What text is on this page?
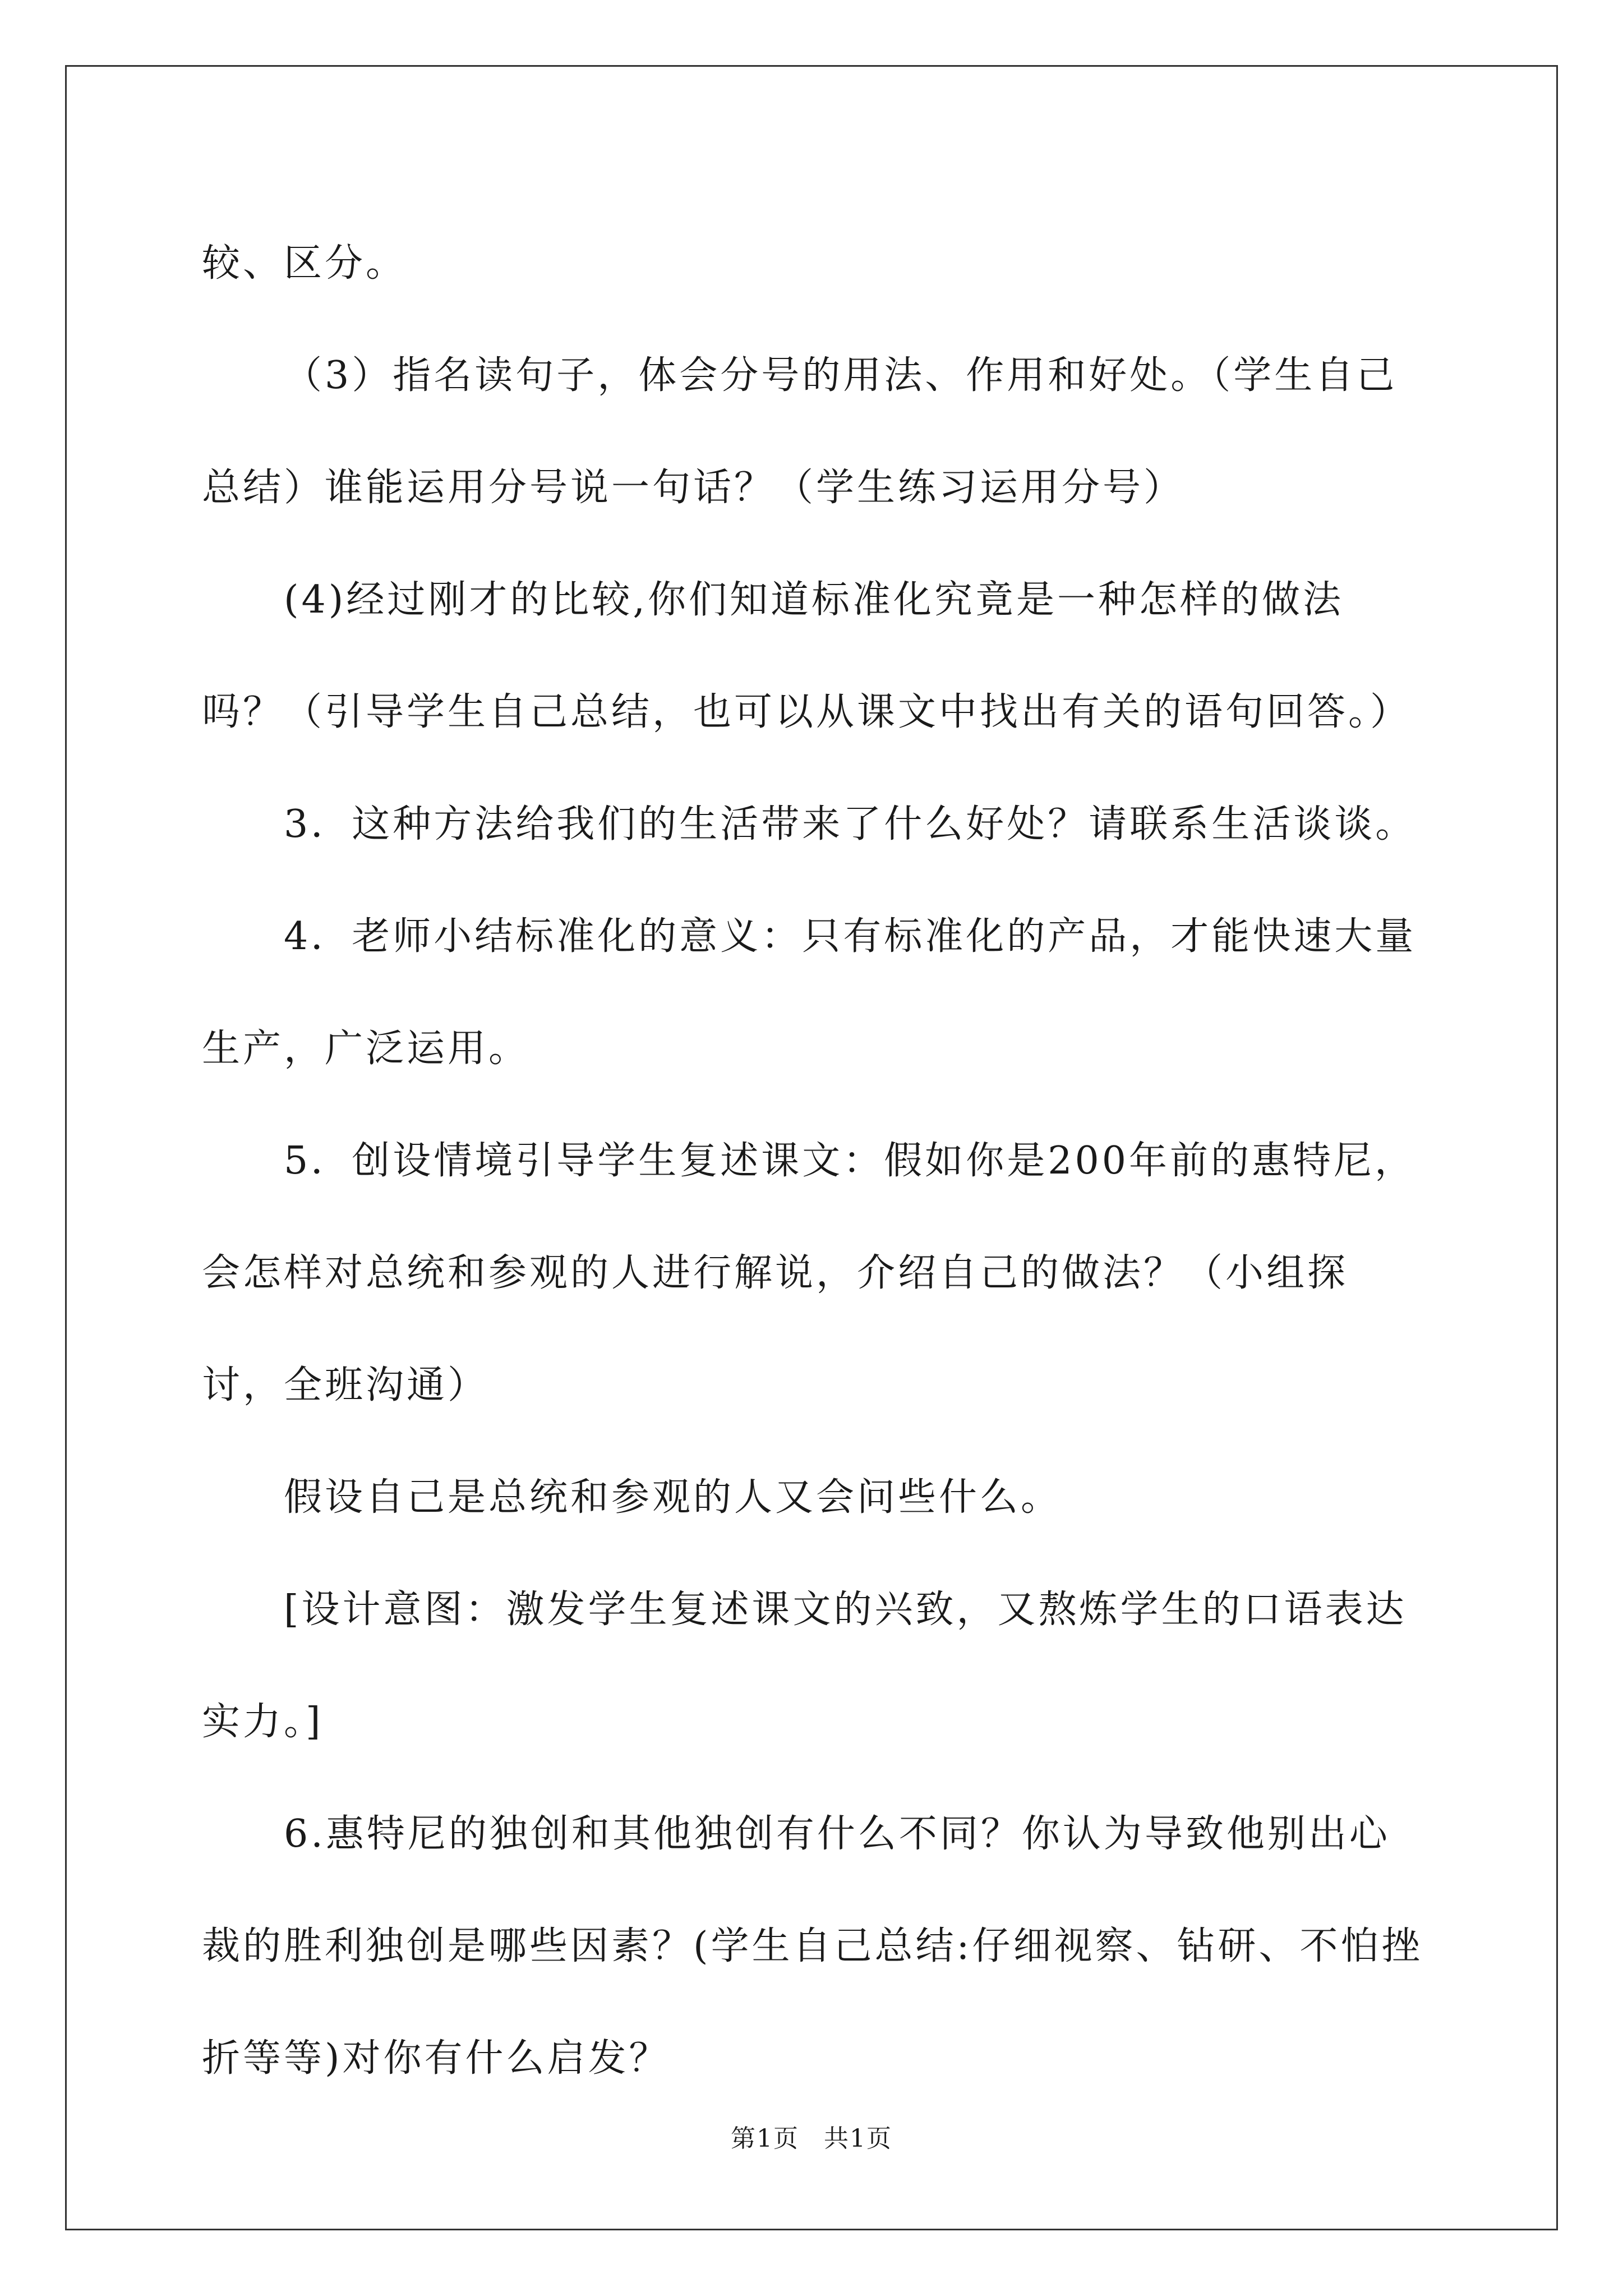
较、区分。

（3）指名读句子，体会分号的用法、作用和好处。（学生自己总结）谁能运用分号说一句话？（学生练习运用分号）

(4)经过刚才的比较,你们知道标准化究竟是一种怎样的做法吗？（引导学生自己总结，也可以从课文中找出有关的语句回答。）

3．这种方法给我们的生活带来了什么好处？请联系生活谈谈。

4．老师小结标准化的意义：只有标准化的产品，才能快速大量生产，广泛运用。

5．创设情境引导学生复述课文：假如你是200年前的惠特尼，会怎样对总统和参观的人进行解说，介绍自己的做法？（小组探讨，全班沟通）

假设自己是总统和参观的人又会问些什么。

[设计意图：激发学生复述课文的兴致，又熬炼学生的口语表达实力。]

6.惠特尼的独创和其他独创有什么不同？你认为导致他别出心裁的胜利独创是哪些因素？(学生自己总结:仔细视察、钻研、不怕挫折等等)对你有什么启发？

第1页 共1页
